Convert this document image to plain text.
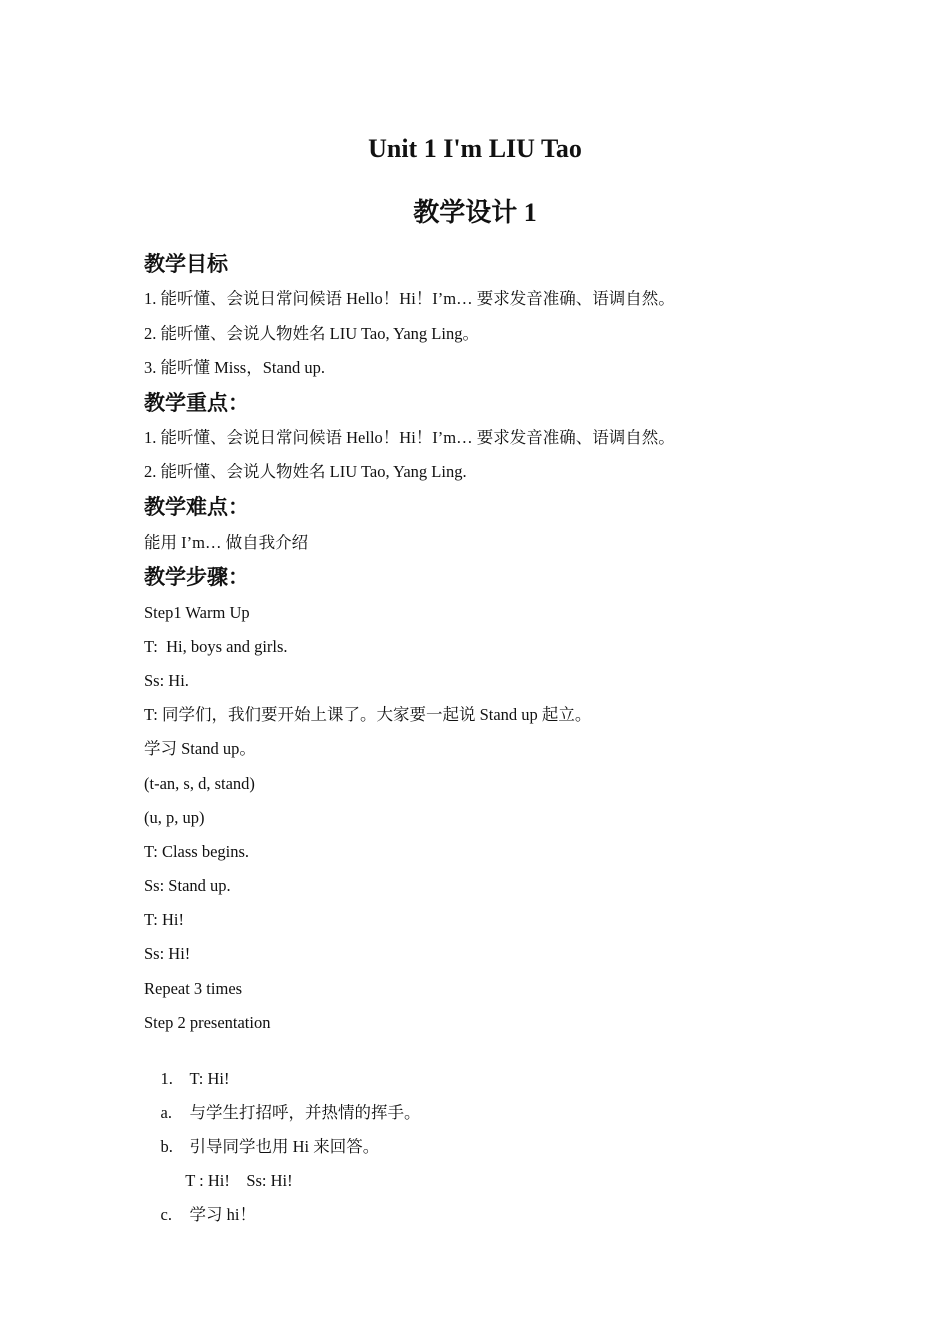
Unit 1 I'm LIU Tao
教学设计 1
教学目标

1. 能听懂、会说日常问候语 Hello！Hi！I’m… 要求发音准确、语调自然。

2. 能听懂、会说人物姓名 LIU Tao, Yang Ling。

3. 能听懂 Miss，Stand up.

教学重点：

1. 能听懂、会说日常问候语 Hello！Hi！I’m… 要求发音准确、语调自然。

2. 能听懂、会说人物姓名 LIU Tao, Yang Ling.

教学难点：

能用 I’m… 做自我介绍

教学步骤：

Step1 Warm Up

T:  Hi, boys and girls.

Ss: Hi.

T: 同学们，我们要开始上课了。大家要一起说 Stand up 起立。

学习 Stand up。

(t-an, s, d, stand)

(u, p, up)

T: Class begins.

Ss: Stand up.

T: Hi!

Ss: Hi!

Repeat 3 times

Step 2 presentation

1. T: Hi!

a. 与学生打招呼，并热情的挥手。

b. 引导同学也用 Hi 来回答。

T : Hi!    Ss: Hi!

c. 学习 hi！
